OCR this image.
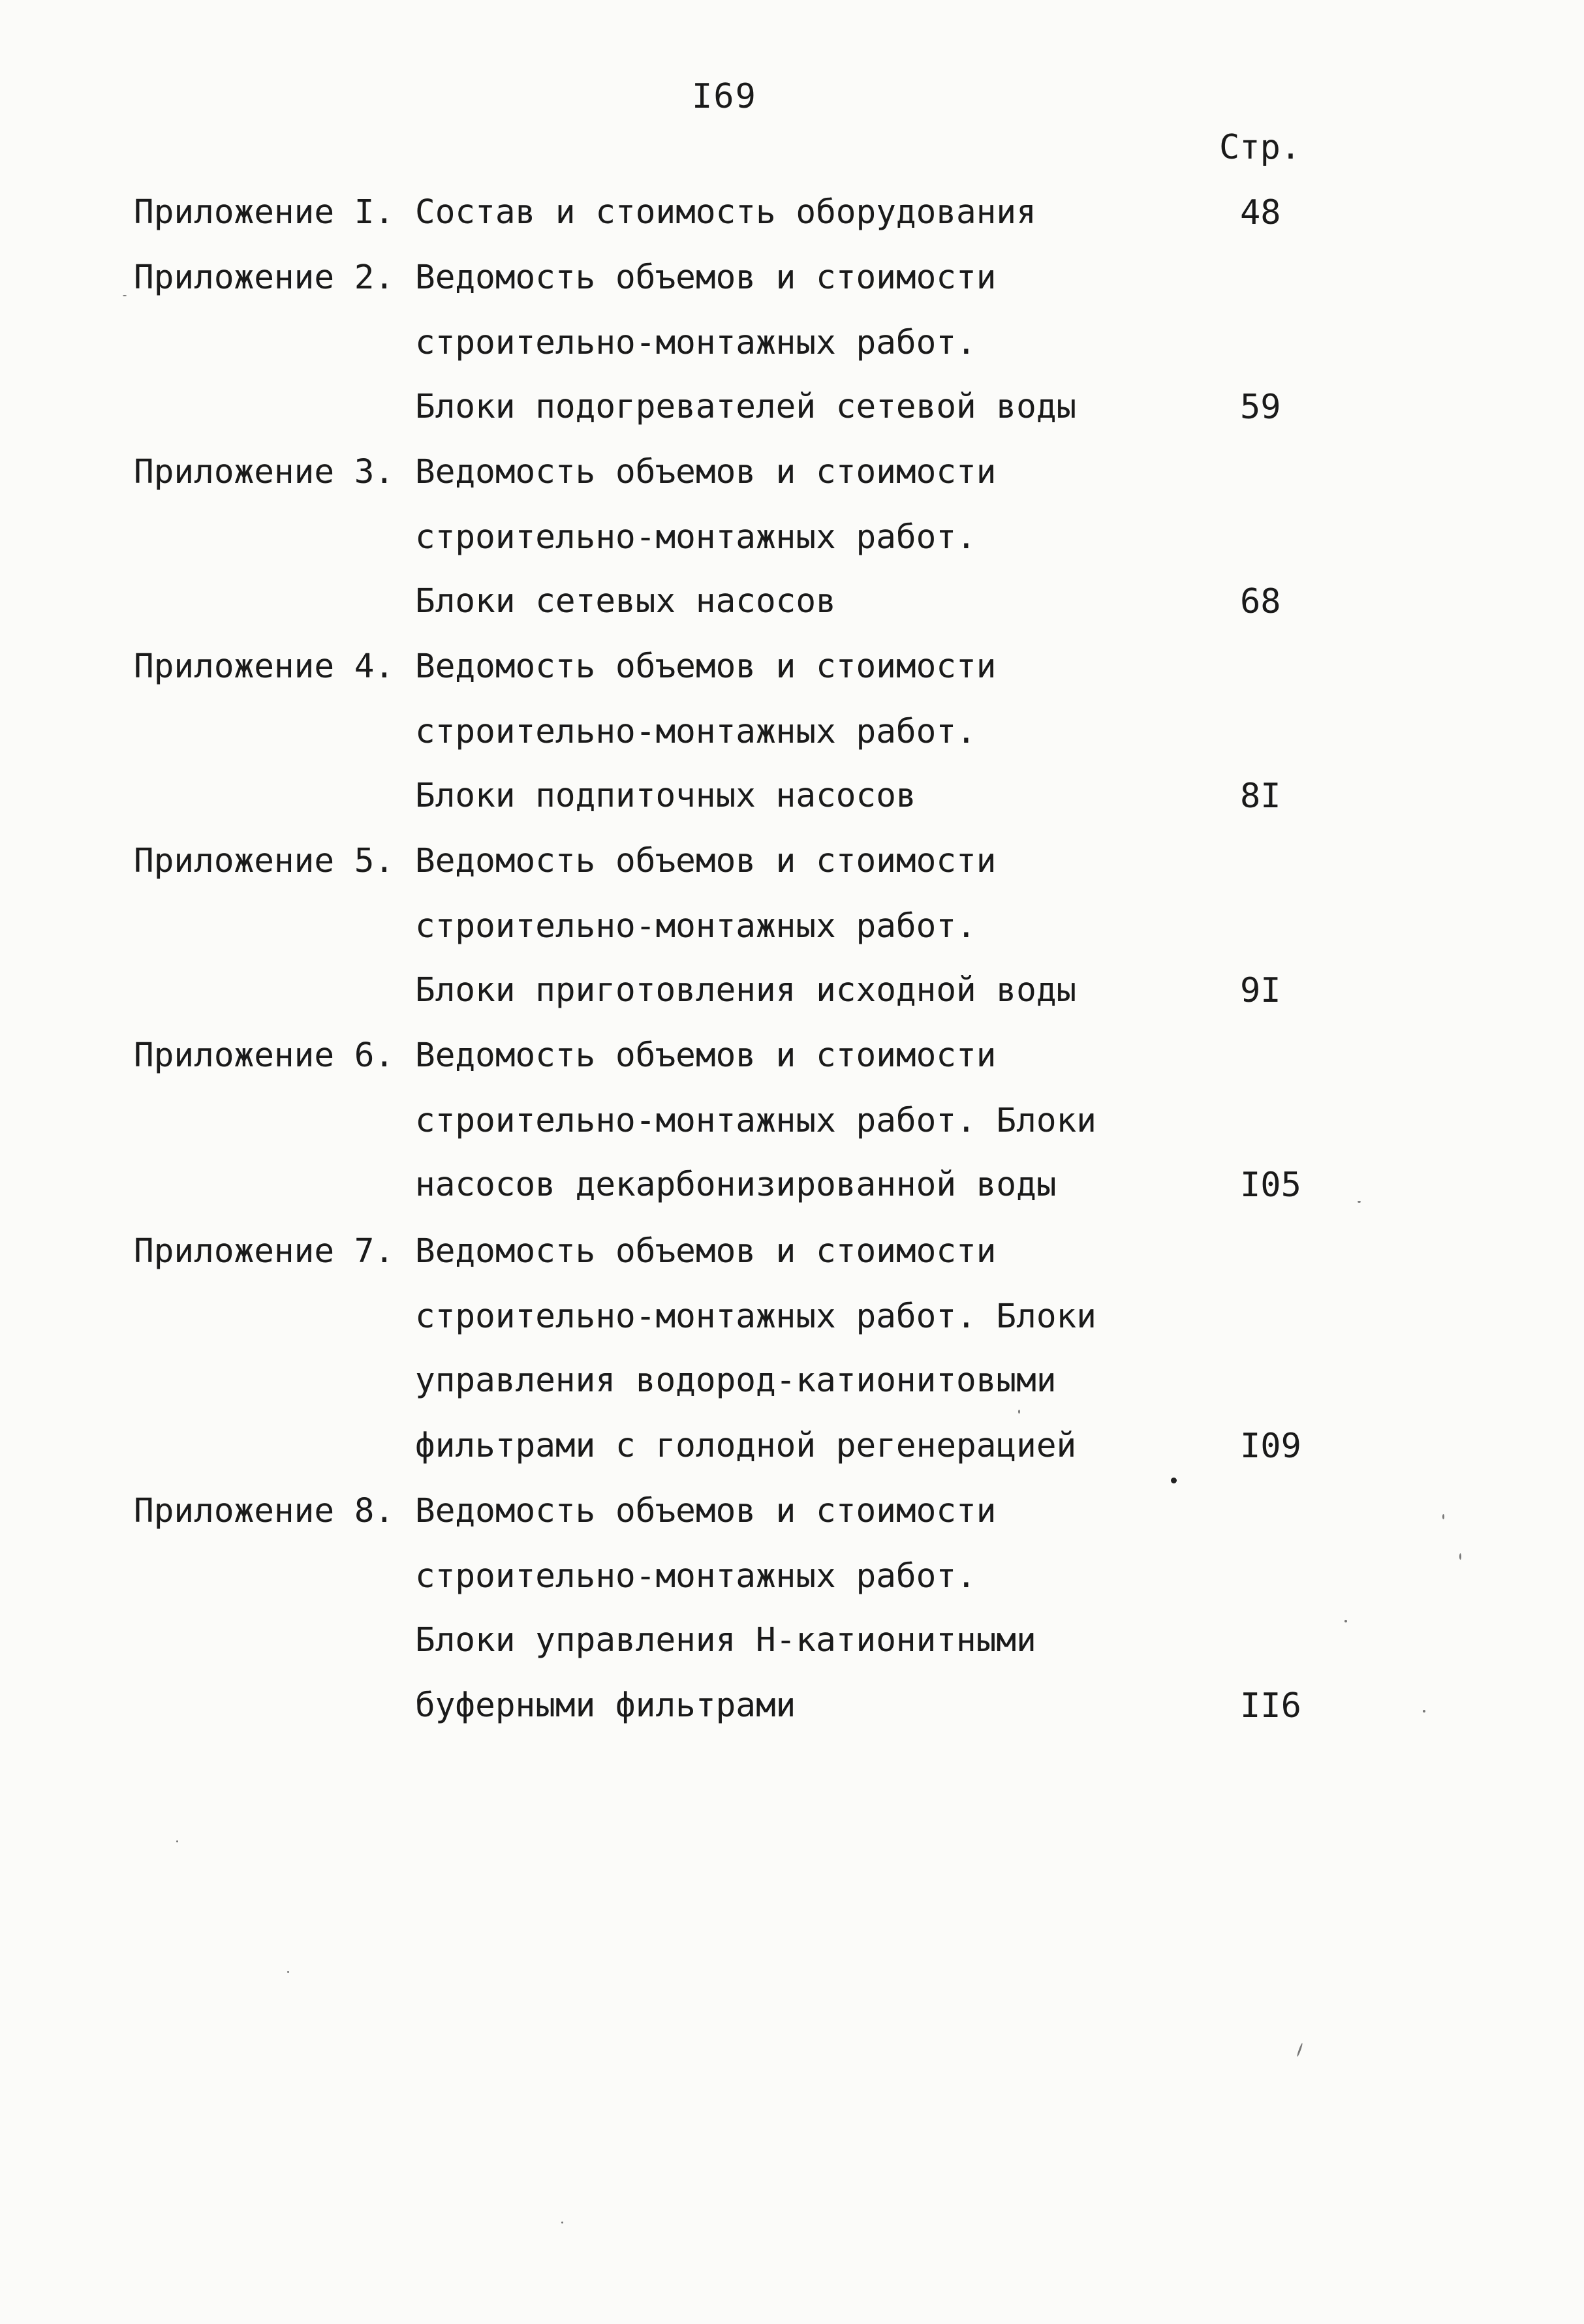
I69
Стр.
Приложение I. Состав и стоимость оборудования	48
Приложение 2. Ведомость объемов и стоимости
строительно-монтажных работ.
Блоки подогревателей сетевой воды	59
Приложение 3. Ведомость объемов и стоимости
строительно-монтажных работ.
Блоки сетевых насосов	68
Приложение 4. Ведомость объемов и стоимости
строительно-монтажных работ.
Блоки подпиточных насосов	8I
Приложение 5. Ведомость объемов и стоимости
строительно-монтажных работ.
Блоки приготовления исходной воды	9I
Приложение 6. Ведомость объемов и стоимости
строительно-монтажных работ. Блоки
насосов декарбонизированной воды	I05
Приложение 7. Ведомость объемов и стоимости
строительно-монтажных работ. Блоки
управления водород-катионитовыми
фильтрами с голодной регенерацией	I09
Приложение 8. Ведомость объемов и стоимости
строительно-монтажных работ.
Блоки управления Н-катионитными
буферными фильтрами	II6
